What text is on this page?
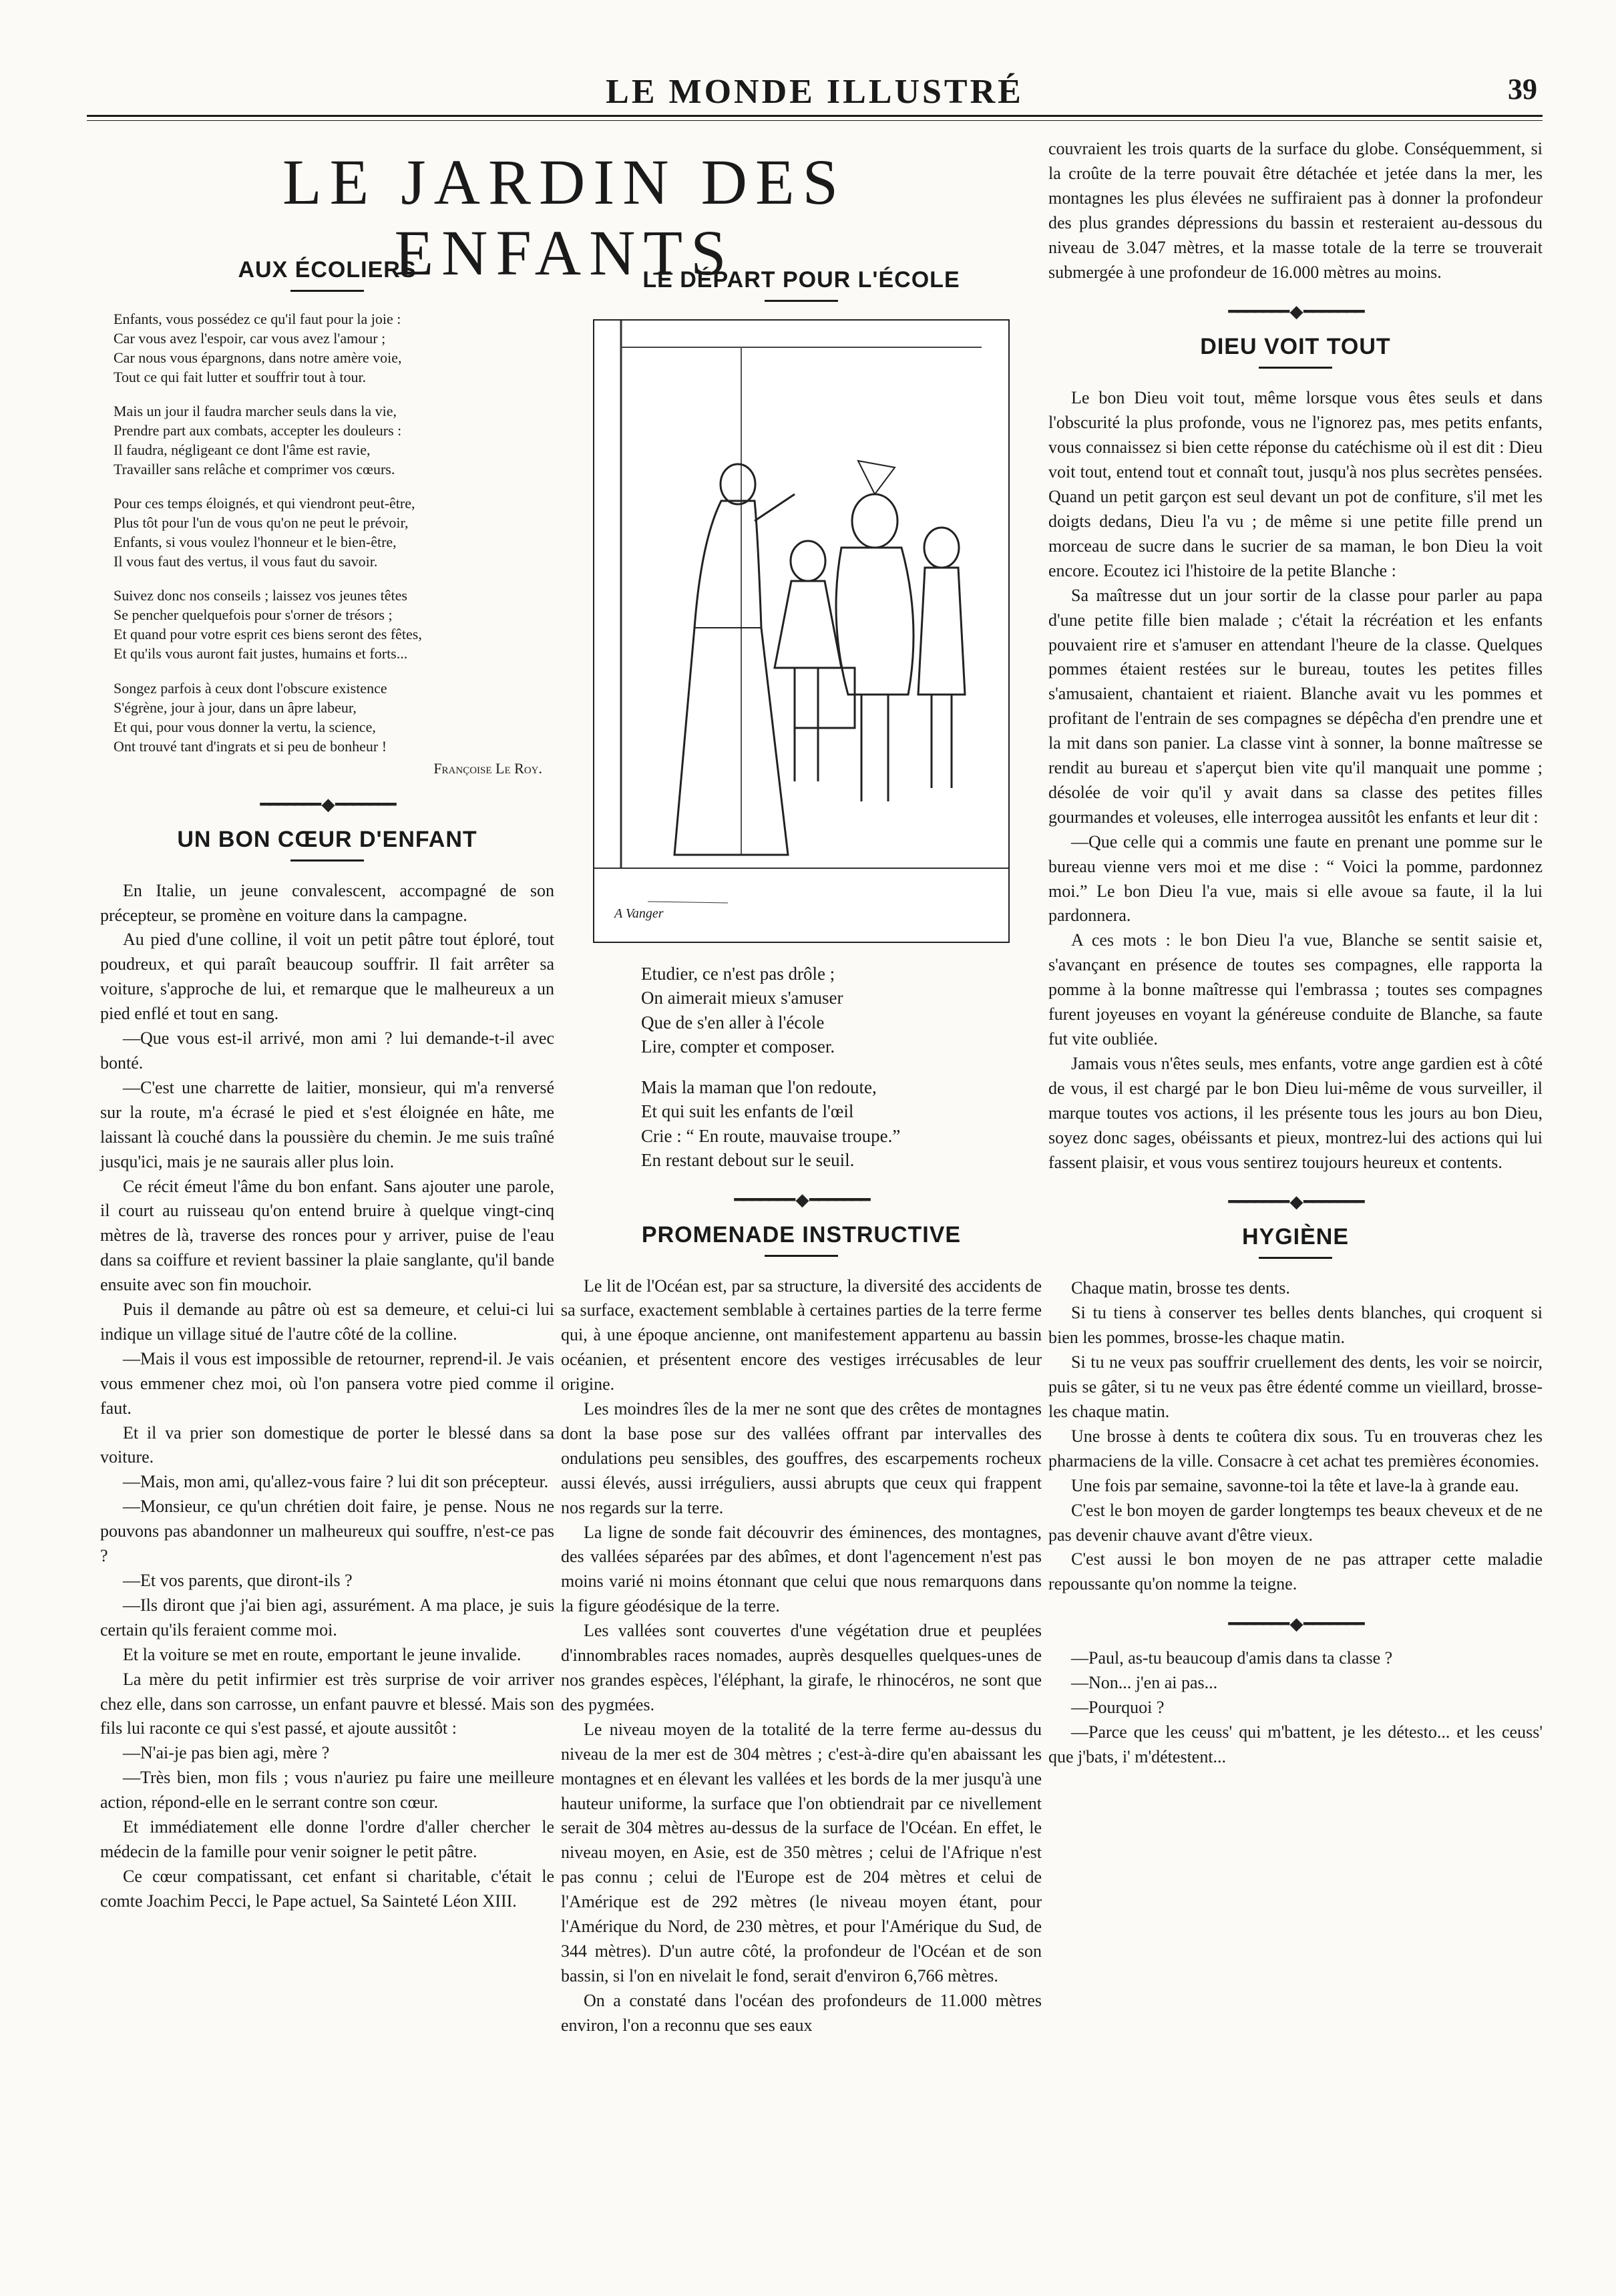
LE MONDE ILLUSTRÉ	39
LE JARDIN DES ENFANTS
AUX ÉCOLIERS
Enfants, vous possédez ce qu'il faut pour la joie :
Car vous avez l'espoir, car vous avez l'amour ;
Car nous vous épargnons, dans notre amère voie,
Tout ce qui fait lutter et souffrir tout à tour.
Mais un jour il faudra marcher seuls dans la vie,
Prendre part aux combats, accepter les douleurs :
Il faudra, négligeant ce dont l'âme est ravie,
Travailler sans relâche et comprimer vos cœurs.
Pour ces temps éloignés, et qui viendront peut-être,
Plus tôt pour l'un de vous qu'on ne peut le prévoir,
Enfants, si vous voulez l'honneur et le bien-être,
Il vous faut des vertus, il vous faut du savoir.
Suivez donc nos conseils ; laissez vos jeunes têtes
Se pencher quelquefois pour s'orner de trésors ;
Et quand pour votre esprit ces biens seront des fêtes,
Et qu'ils vous auront fait justes, humains et forts...
Songez parfois à ceux dont l'obscure existence
S'égrène, jour à jour, dans un âpre labeur,
Et qui, pour vous donner la vertu, la science,
Ont trouvé tant d'ingrats et si peu de bonheur !
Françoise Le Roy.
━━━━━━━ ◆ ━━━━━━━
UN BON CŒUR D'ENFANT

En Italie, un jeune convalescent, accompagné de son précepteur, se promène en voiture dans la campagne.

Au pied d'une colline, il voit un petit pâtre tout éploré, tout poudreux, et qui paraît beaucoup souffrir. Il fait arrêter sa voiture, s'approche de lui, et remarque que le malheureux a un pied enflé et tout en sang.

—Que vous est-il arrivé, mon ami ? lui demande-t-il avec bonté.

—C'est une charrette de laitier, monsieur, qui m'a renversé sur la route, m'a écrasé le pied et s'est éloignée en hâte, me laissant là couché dans la poussière du chemin. Je me suis traîné jusqu'ici, mais je ne saurais aller plus loin.

Ce récit émeut l'âme du bon enfant. Sans ajouter une parole, il court au ruisseau qu'on entend bruire à quelque vingt-cinq mètres de là, traverse des ronces pour y arriver, puise de l'eau dans sa coiffure et revient bassiner la plaie sanglante, qu'il bande ensuite avec son fin mouchoir.

Puis il demande au pâtre où est sa demeure, et celui-ci lui indique un village situé de l'autre côté de la colline.

—Mais il vous est impossible de retourner, reprend-il. Je vais vous emmener chez moi, où l'on pansera votre pied comme il faut.

Et il va prier son domestique de porter le blessé dans sa voiture.

—Mais, mon ami, qu'allez-vous faire ? lui dit son précepteur.

—Monsieur, ce qu'un chrétien doit faire, je pense. Nous ne pouvons pas abandonner un malheureux qui souffre, n'est-ce pas ?

—Et vos parents, que diront-ils ?

—Ils diront que j'ai bien agi, assurément. A ma place, je suis certain qu'ils feraient comme moi.

Et la voiture se met en route, emportant le jeune invalide.

La mère du petit infirmier est très surprise de voir arriver chez elle, dans son carrosse, un enfant pauvre et blessé. Mais son fils lui raconte ce qui s'est passé, et ajoute aussitôt :

—N'ai-je pas bien agi, mère ?

—Très bien, mon fils ; vous n'auriez pu faire une meilleure action, répond-elle en le serrant contre son cœur.

Et immédiatement elle donne l'ordre d'aller chercher le médecin de la famille pour venir soigner le petit pâtre.

Ce cœur compatissant, cet enfant si charitable, c'était le comte Joachim Pecci, le Pape actuel, Sa Sainteté Léon XIII.

LE DÉPART POUR L'ÉCOLE
A Vanger
Etudier, ce n'est pas drôle ;
On aimerait mieux s'amuser
Que de s'en aller à l'école
Lire, compter et composer.
Mais la maman que l'on redoute,
Et qui suit les enfants de l'œil
Crie : “ En route, mauvaise troupe.”
En restant debout sur le seuil.
━━━━━━━ ◆ ━━━━━━━
PROMENADE INSTRUCTIVE

Le lit de l'Océan est, par sa structure, la diversité des accidents de sa surface, exactement semblable à certaines parties de la terre ferme qui, à une époque ancienne, ont manifestement appartenu au bassin océanien, et présentent encore des vestiges irrécusables de leur origine.

Les moindres îles de la mer ne sont que des crêtes de montagnes dont la base pose sur des vallées offrant par intervalles des ondulations peu sensibles, des gouffres, des escarpements rocheux aussi élevés, aussi irréguliers, aussi abrupts que ceux qui frappent nos regards sur la terre.

La ligne de sonde fait découvrir des éminences, des montagnes, des vallées séparées par des abîmes, et dont l'agencement n'est pas moins varié ni moins étonnant que celui que nous remarquons dans la figure géodésique de la terre.

Les vallées sont couvertes d'une végétation drue et peuplées d'innombrables races nomades, auprès desquelles quelques-unes de nos grandes espèces, l'éléphant, la girafe, le rhinocéros, ne sont que des pygmées.

Le niveau moyen de la totalité de la terre ferme au-dessus du niveau de la mer est de 304 mètres ; c'est-à-dire qu'en abaissant les montagnes et en élevant les vallées et les bords de la mer jusqu'à une hauteur uniforme, la surface que l'on obtiendrait par ce nivellement serait de 304 mètres au-dessus de la surface de l'Océan. En effet, le niveau moyen, en Asie, est de 350 mètres ; celui de l'Afrique n'est pas connu ; celui de l'Europe est de 204 mètres et celui de l'Amérique est de 292 mètres (le niveau moyen étant, pour l'Amérique du Nord, de 230 mètres, et pour l'Amérique du Sud, de 344 mètres). D'un autre côté, la profondeur de l'Océan et de son bassin, si l'on en nivelait le fond, serait d'environ 6,766 mètres.

On a constaté dans l'océan des profondeurs de 11.000 mètres environ, l'on a reconnu que ses eaux

couvraient les trois quarts de la surface du globe. Conséquemment, si la croûte de la terre pouvait être détachée et jetée dans la mer, les montagnes les plus élevées ne suffiraient pas à donner la profondeur des plus grandes dépressions du bassin et resteraient au-dessous du niveau de 3.047 mètres, et la masse totale de la terre se trouverait submergée à une profondeur de 16.000 mètres au moins.

━━━━━━━ ◆ ━━━━━━━
DIEU VOIT TOUT

Le bon Dieu voit tout, même lorsque vous êtes seuls et dans l'obscurité la plus profonde, vous ne l'ignorez pas, mes petits enfants, vous connaissez si bien cette réponse du catéchisme où il est dit : Dieu voit tout, entend tout et connaît tout, jusqu'à nos plus secrètes pensées. Quand un petit garçon est seul devant un pot de confiture, s'il met les doigts dedans, Dieu l'a vu ; de même si une petite fille prend un morceau de sucre dans le sucrier de sa maman, le bon Dieu la voit encore. Ecoutez ici l'histoire de la petite Blanche :

Sa maîtresse dut un jour sortir de la classe pour parler au papa d'une petite fille bien malade ; c'était la récréation et les enfants pouvaient rire et s'amuser en attendant l'heure de la classe. Quelques pommes étaient restées sur le bureau, toutes les petites filles s'amusaient, chantaient et riaient. Blanche avait vu les pommes et profitant de l'entrain de ses compagnes se dépêcha d'en prendre une et la mit dans son panier. La classe vint à sonner, la bonne maîtresse se rendit au bureau et s'aperçut bien vite qu'il manquait une pomme ; désolée de voir qu'il y avait dans sa classe des petites filles gourmandes et voleuses, elle interrogea aussitôt les enfants et leur dit :

—Que celle qui a commis une faute en prenant une pomme sur le bureau vienne vers moi et me dise : “ Voici la pomme, pardonnez moi.” Le bon Dieu l'a vue, mais si elle avoue sa faute, il la lui pardonnera.

A ces mots : le bon Dieu l'a vue, Blanche se sentit saisie et, s'avançant en présence de toutes ses compagnes, elle rapporta la pomme à la bonne maîtresse qui l'embrassa ; toutes ses compagnes furent joyeuses en voyant la généreuse conduite de Blanche, sa faute fut vite oubliée.

Jamais vous n'êtes seuls, mes enfants, votre ange gardien est à côté de vous, il est chargé par le bon Dieu lui-même de vous surveiller, il marque toutes vos actions, il les présente tous les jours au bon Dieu, soyez donc sages, obéissants et pieux, montrez-lui des actions qui lui fassent plaisir, et vous vous sentirez toujours heureux et contents.

━━━━━━━ ◆ ━━━━━━━
HYGIÈNE

Chaque matin, brosse tes dents.

Si tu tiens à conserver tes belles dents blanches, qui croquent si bien les pommes, brosse-les chaque matin.

Si tu ne veux pas souffrir cruellement des dents, les voir se noircir, puis se gâter, si tu ne veux pas être édenté comme un vieillard, brosse-les chaque matin.

Une brosse à dents te coûtera dix sous. Tu en trouveras chez les pharmaciens de la ville. Consacre à cet achat tes premières économies.

Une fois par semaine, savonne-toi la tête et lave-la à grande eau.

C'est le bon moyen de garder longtemps tes beaux cheveux et de ne pas devenir chauve avant d'être vieux.

C'est aussi le bon moyen de ne pas attraper cette maladie repoussante qu'on nomme la teigne.

━━━━━━━ ◆ ━━━━━━━

—Paul, as-tu beaucoup d'amis dans ta classe ?

—Non... j'en ai pas...

—Pourquoi ?

—Parce que les ceuss' qui m'battent, je les détesto... et les ceuss' que j'bats, i' m'détestent...
